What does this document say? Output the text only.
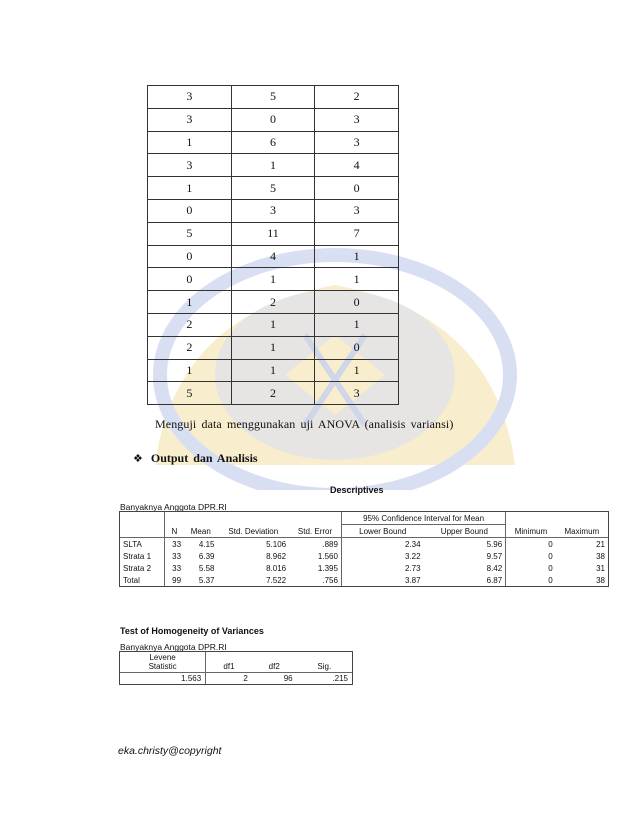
3	5	2
3	0	3
1	6	3
3	1	4
1	5	0
0	3	3
5	11	7
0	4	1
0	1	1
1	2	0
2	1	1
2	1	0
1	1	1
5	2	3
Menguji data menggunakan uji ANOVA (analisis variansi)
❖ Output dan Analisis
Descriptives
Banyaknya Anggota DPR.RI
	N	Mean	Std. Deviation	Std. Error	95% Confidence Interval for Mean		Minimum	Maximum
					Lower Bound	Upper Bound		
SLTA	33	4.15	5.106	.889	2.34	5.96	0	21
Strata 1	33	6.39	8.962	1.560	3.22	9.57	0	38
Strata 2	33	5.58	8.016	1.395	2.73	8.42	0	31
Total	99	5.37	7.522	.756	3.87	6.87	0	38
Test of Homogeneity of Variances
Banyaknya Anggota DPR.RI
Levene
Statistic	df1	df2	Sig.
1.563	2	96	.215
eka.christy@copyright
